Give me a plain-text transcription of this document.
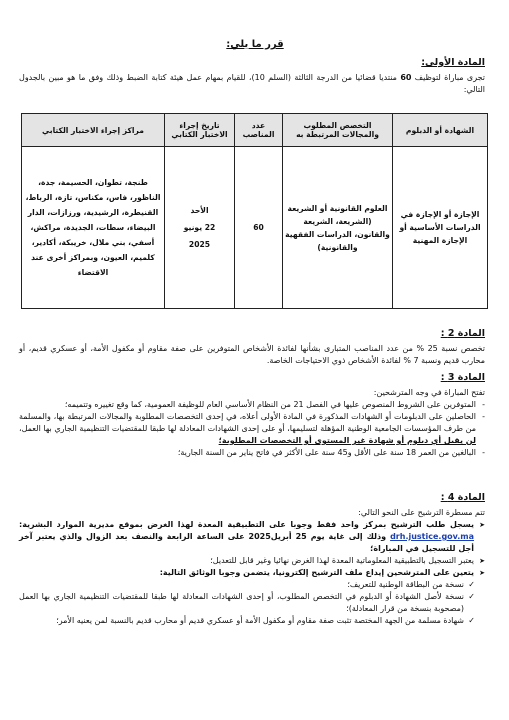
قرر ما يلي:
المادة الأولى:
تجرى مباراة لتوظيف 60 منتديا قضائيا من الدرجة الثالثة (السلم 10)، للقيام بمهام عمل هيئة كتابة الضبط وذلك وفق ما هو مبين بالجدول التالي:
الشهادة أو الدبلوم	التخصص المطلوب والمجالات المرتبطة به	عدد المناصب	تاريخ إجراء الاختبار الكتابي	مراكز إجراء الاختبار الكتابي
الإجازة أو الإجازة في الدراسات الأساسية أو الإجازة المهنية	العلوم القانونية أو الشريعة (الشريعة، الشريعة والقانون، الدراسات الفقهية والقانونية)	60	الأحد
22 يونيو
2025	طنجة، تطوان، الحسيمة، جدة، الناظور، فاس، مكناس، تازة، الرباط، القنيطرة، الرشيدية، ورزازات، الدار البيضاء، سطات، الجديدة، مراكش، أسفي، بني ملال، خريبكة، أكادير، كلميم، العيون، وبمراكز أخرى عند الاقتضاء
المادة 2 :
تخصص نسبة 25 % من عدد المناصب المتبارى بشأنها لفائدة الأشخاص المتوفرين على صفة مقاوم أو مكفول الأمة، أو عسكري قديم، أو محارب قديم ونسبة 7 % لفائدة الأشخاص ذوي الاحتياجات الخاصة.
المادة 3 :
تفتح المباراة في وجه المترشحين:
- المتوفرين على الشروط المنصوص عليها في الفصل 21 من النظام الأساسي العام للوظيفة العمومية، كما وقع تغييره وتتميمه؛
- الحاصلين على الدبلومات أو الشهادات المذكورة في المادة الأولى أعلاه، في إحدى التخصصات المطلوبة والمجالات المرتبطة بها، والمسلمة من طرف المؤسسات الجامعية الوطنية المؤهلة لتسليمها، أو على إحدى الشهادات المعادلة لها طبقا للمقتضيات التنظيمية الجاري بها العمل، لن يقبل أي دبلوم أو شهادة غير المستوى أو التخصصات المطلوبة؛
- البالغين من العمر 18 سنة على الأقل و45 سنة على الأكثر في فاتح يناير من السنة الجارية؛
المادة 4 :
تتم مسطرة الترشيح على النحو التالي:
➤ يسجل طلب الترشيح بمركز واحد فقط وجوبا على التطبيقية المعدة لهذا الغرض بموقع مديرية الموارد البشرية: drh.justice.gov.ma وذلك إلى غاية يوم 25 أبريل2025 على الساعة الرابعة والنصف بعد الزوال والذي يعتبر آخر أجل للتسجيل في المباراة؛
➤ يعتبر التسجيل بالتطبيقية المعلوماتية المعدة لهذا الغرض نهائيا وغير قابل للتعديل؛
➤ يتعين على المترشحين إيداع ملف الترشيح إلكترونيا، يتضمن وجوبا الوثائق التالية:
✓ نسخة من البطاقة الوطنية للتعريف؛
✓ نسخة لأصل الشهادة أو الدبلوم في التخصص المطلوب، أو إحدى الشهادات المعادلة لها طبقا للمقتضيات التنظيمية الجاري بها العمل (مصحوبة بنسخة من قرار المعادلة)؛
✓ شهادة مسلمة من الجهة المختصة تثبت صفة مقاوم أو مكفول الأمة أو عسكري قديم أو محارب قديم بالنسبة لمن يعنيه الأمر؛
